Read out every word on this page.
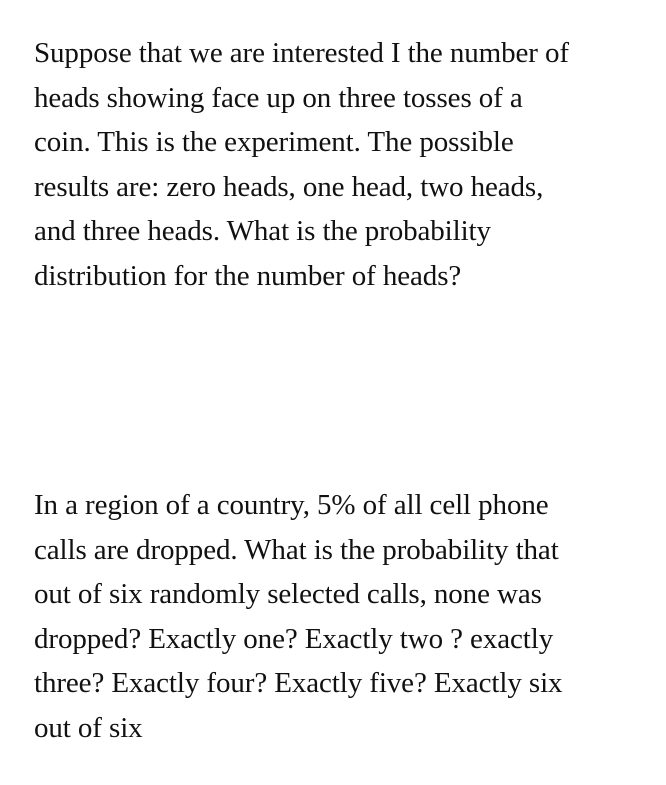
Suppose that we are interested I the number of
heads showing face up on three tosses of a
coin. This is the experiment. The possible
results are: zero heads, one head, two heads,
and three heads. What is the probability
distribution for the number of heads?

In a region of a country, 5% of all cell phone
calls are dropped. What is the probability that
out of six randomly selected calls, none was
dropped? Exactly one? Exactly two ? exactly
three? Exactly four? Exactly five? Exactly six
out of six
